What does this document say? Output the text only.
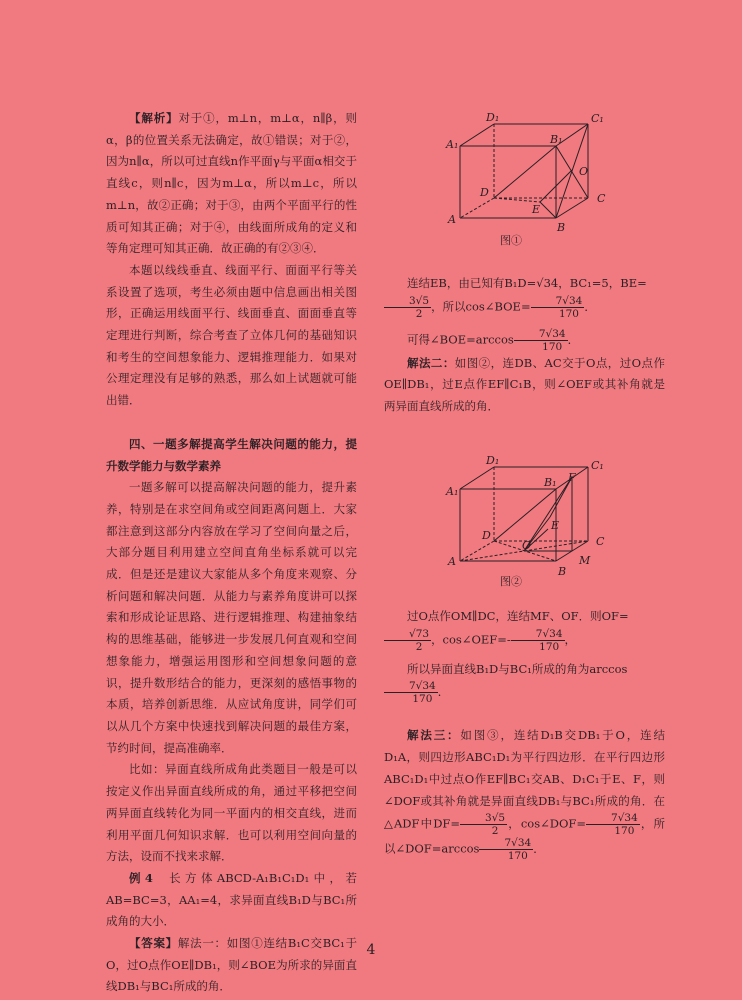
【解析】对于①，m⊥n，m⊥α，n∥β，则α，β的位置关系无法确定，故①错误；对于②，因为n∥α，所以可过直线n作平面γ与平面α相交于直线c，则n∥c，因为m⊥α，所以m⊥c，所以m⊥n，故②正确；对于③，由两个平面平行的性质可知其正确；对于④，由线面所成角的定义和等角定理可知其正确．故正确的有②③④．

本题以线线垂直、线面平行、面面平行等关系设置了选项，考生必须由题中信息画出相关图形，正确运用线面平行、线面垂直、面面垂直等定理进行判断，综合考查了立体几何的基础知识和考生的空间想象能力、逻辑推理能力．如果对公理定理没有足够的熟悉，那么如上试题就可能出错．

四、一题多解提高学生解决问题的能力，提升数学能力与数学素养

一题多解可以提高解决问题的能力，提升素养，特别是在求空间角或空间距离问题上．大家都注意到这部分内容放在学习了空间向量之后，大部分题目利用建立空间直角坐标系就可以完成．但是还是建议大家能从多个角度来观察、分析问题和解决问题．从能力与素养角度讲可以探索和形成论证思路、进行逻辑推理、构建抽象结构的思维基础，能够进一步发展几何直观和空间想象能力，增强运用图形和空间想象问题的意识，提升数形结合的能力，更深刻的感悟事物的本质，培养创新思维．从应试角度讲，同学们可以从几个方案中快速找到解决问题的最佳方案，节约时间，提高准确率．

比如：异面直线所成角此类题目一般是可以按定义作出异面直线所成的角，通过平移把空间两异面直线转化为同一平面内的相交直线，进而利用平面几何知识求解．也可以利用空间向量的方法，设而不找来求解．

例4 长方体ABCD-A₁B₁C₁D₁中，若AB=BC=3，AA₁=4，求异面直线B₁D与BC₁所成角的大小．

【答案】解法一：如图①连结B₁C交BC₁于O，过O点作OE∥DB₁，则∠BOE为所求的异面直线DB₁与BC₁所成的角．

D₁	C₁
A₁	B₁
O
D	C
A
E
B
图①

连结EB，由已知有B₁D=√34，BC₁=5，BE=

$\frac{3√5}{2}$ ，所以cos∠BOE= $\frac{7√34}{170}$ ．

可得∠BOE=arccos $\frac{7√34}{170}$ ．

解法二：如图②，连DB、AC交于O点，过O点作OE∥DB₁，过E点作EF∥C₁B，则∠OEF或其补角就是两异面直线所成的角．

D₁	C₁
A₁
B₁ F
E
D
O	C
A	M
B
图②

过O点作OM∥DC，连结MF、OF．则OF=

$\frac{√73}{2}$ ，cos∠OEF=- $\frac{7√34}{170}$ ，

所以异面直线B₁D与BC₁所成的角为arccos

$\frac{7√34}{170}$ ．

解法三：如图③，连结D₁B交DB₁于O，连结D₁A，则四边形ABC₁D₁为平行四边形．在平行四边形ABC₁D₁中过点O作EF∥BC₁交AB、D₁C₁于E、F，则∠DOF或其补角就是异面直线DB₁与BC₁所成的角．在△ADF中$DF= \frac{3√5}{2}$ ，cos∠DOF= $\frac{7√34}{170}$ ，所以∠DOF=arccos $\frac{7√34}{170}$ ．

4
